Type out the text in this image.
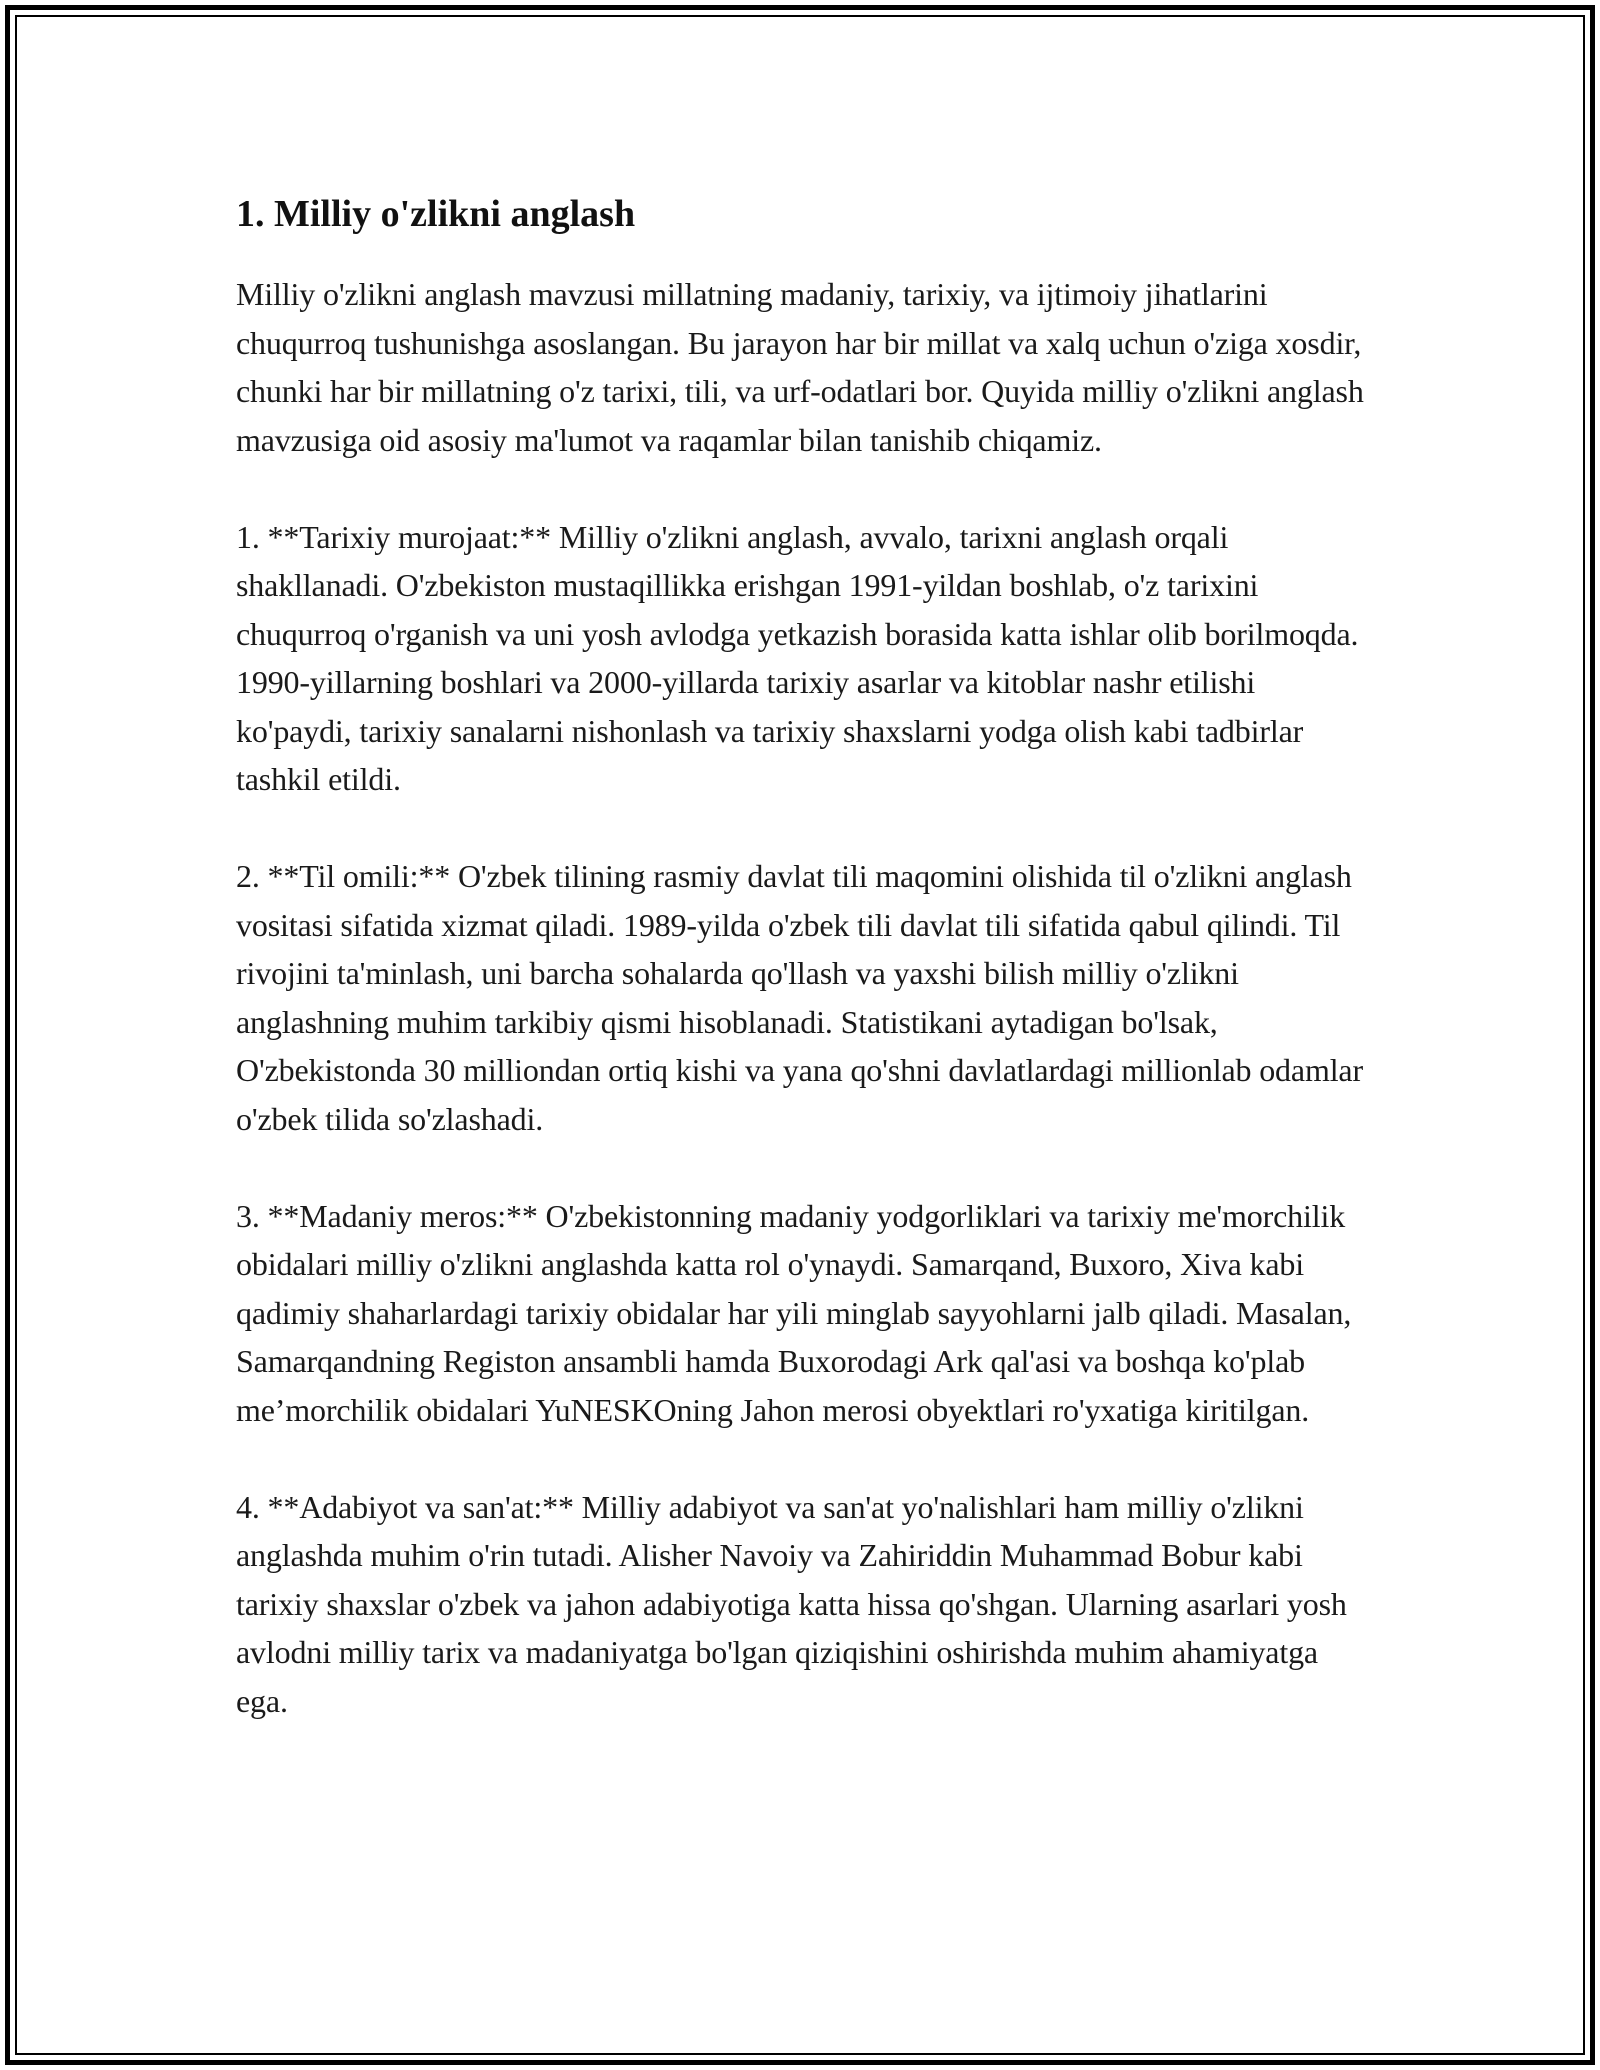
1. Milliy o'zlikni anglash

Milliy o'zlikni anglash mavzusi millatning madaniy, tarixiy, va ijtimoiy jihatlarini chuqurroq tushunishga asoslangan. Bu jarayon har bir millat va xalq uchun o'ziga xosdir, chunki har bir millatning o'z tarixi, tili, va urf-odatlari bor. Quyida milliy o'zlikni anglash mavzusiga oid asosiy ma'lumot va raqamlar bilan tanishib chiqamiz.

1. **Tarixiy murojaat:** Milliy o'zlikni anglash, avvalo, tarixni anglash orqali shakllanadi. O'zbekiston mustaqillikka erishgan 1991-yildan boshlab, o'z tarixini chuqurroq o'rganish va uni yosh avlodga yetkazish borasida katta ishlar olib borilmoqda. 1990-yillarning boshlari va 2000-yillarda tarixiy asarlar va kitoblar nashr etilishi ko'paydi, tarixiy sanalarni nishonlash va tarixiy shaxslarni yodga olish kabi tadbirlar tashkil etildi.

2. **Til omili:** O'zbek tilining rasmiy davlat tili maqomini olishida til o'zlikni anglash vositasi sifatida xizmat qiladi. 1989-yilda o'zbek tili davlat tili sifatida qabul qilindi. Til rivojini ta'minlash, uni barcha sohalarda qo'llash va yaxshi bilish milliy o'zlikni anglashning muhim tarkibiy qismi hisoblanadi. Statistikani aytadigan bo'lsak, O'zbekistonda 30 milliondan ortiq kishi va yana qo'shni davlatlardagi millionlab odamlar o'zbek tilida so'zlashadi.

3. **Madaniy meros:** O'zbekistonning madaniy yodgorliklari va tarixiy me'morchilik obidalari milliy o'zlikni anglashda katta rol o'ynaydi. Samarqand, Buxoro, Xiva kabi qadimiy shaharlardagi tarixiy obidalar har yili minglab sayyohlarni jalb qiladi. Masalan, Samarqandning Registon ansambli hamda Buxorodagi Ark qal'asi va boshqa ko'plab me’morchilik obidalari YuNESKOning Jahon merosi obyektlari ro'yxatiga kiritilgan.

4. **Adabiyot va san'at:** Milliy adabiyot va san'at yo'nalishlari ham milliy o'zlikni anglashda muhim o'rin tutadi. Alisher Navoiy va Zahiriddin Muhammad Bobur kabi tarixiy shaxslar o'zbek va jahon adabiyotiga katta hissa qo'shgan. Ularning asarlari yosh avlodni milliy tarix va madaniyatga bo'lgan qiziqishini oshirishda muhim ahamiyatga ega.
